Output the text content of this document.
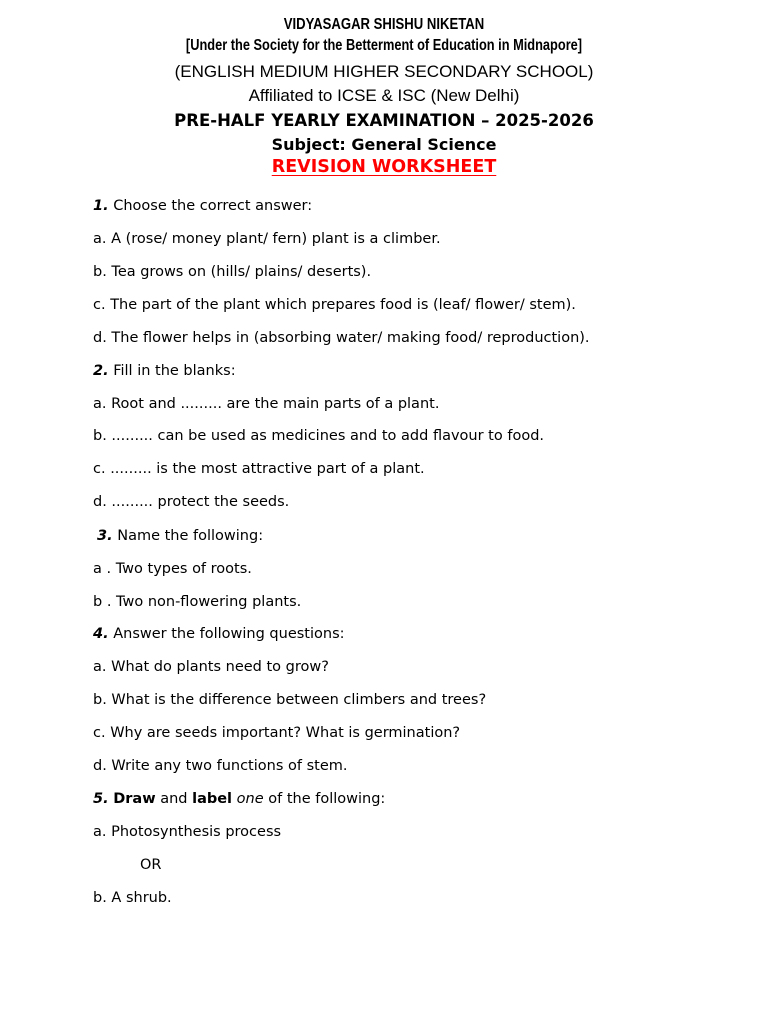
VIDYASAGAR SHISHU NIKETAN
[Under the Society for the Betterment of Education in Midnapore]
(ENGLISH MEDIUM HIGHER SECONDARY SCHOOL)
Affiliated to ICSE & ISC (New Delhi)
PRE-HALF YEARLY EXAMINATION – 2025-2026
Subject: General Science
REVISION WORKSHEET
1. Choose the correct answer:
a. A (rose/ money plant/ fern) plant is a climber.
b. Tea grows on (hills/ plains/ deserts).
c. The part of the plant which prepares food is (leaf/ flower/ stem).
d. The flower helps in (absorbing water/ making food/ reproduction).
2. Fill in the blanks:
a. Root and ......... are the main parts of a plant.
b. ......... can be used as medicines and to add flavour to food.
c. ......... is the most attractive part of a plant.
d. ......... protect the seeds.
3. Name the following:
a . Two types of roots.
b . Two non-flowering plants.
4. Answer the following questions:
a. What do plants need to grow?
b. What is the difference between climbers and trees?
c. Why are seeds important? What is germination?
d. Write any two functions of stem.
5. Draw and label one of the following:
a. Photosynthesis process
OR
b. A shrub.
